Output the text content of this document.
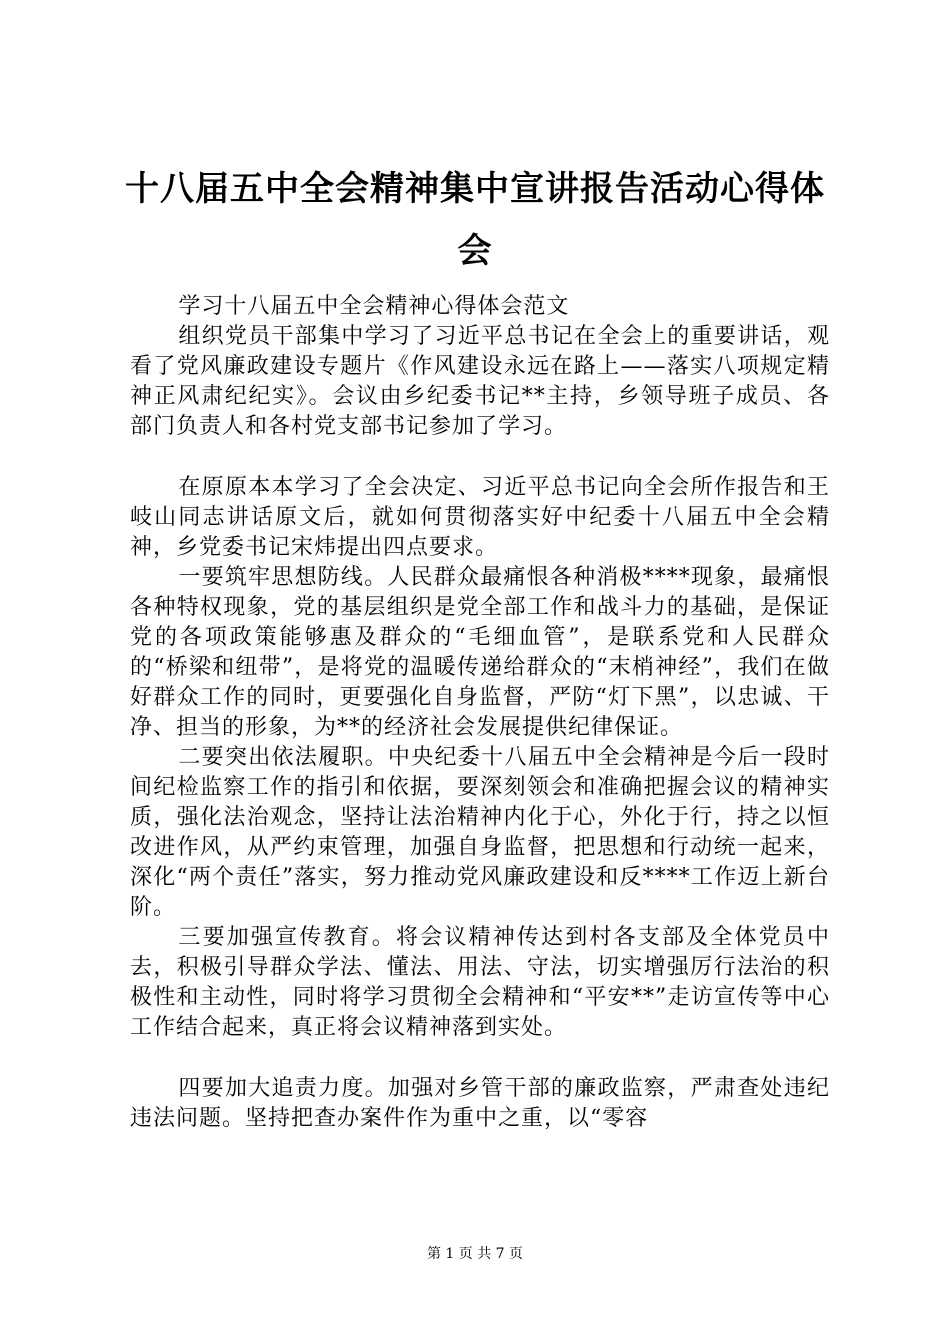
十八届五中全会精神集中宣讲报告活动心得体会

学习十八届五中全会精神心得体会范文

组织党员干部集中学习了习近平总书记在全会上的重要讲话，观看了党风廉政建设专题片《作风建设永远在路上——落实八项规定精神正风肃纪纪实》。会议由乡纪委书记**主持，乡领导班子成员、各部门负责人和各村党支部书记参加了学习。

在原原本本学习了全会决定、习近平总书记向全会所作报告和王岐山同志讲话原文后，就如何贯彻落实好中纪委十八届五中全会精神，乡党委书记宋炜提出四点要求。

一要筑牢思想防线。人民群众最痛恨各种消极****现象，最痛恨各种特权现象，党的基层组织是党全部工作和战斗力的基础，是保证党的各项政策能够惠及群众的“毛细血管”，是联系党和人民群众的“桥梁和纽带”，是将党的温暖传递给群众的“末梢神经”，我们在做好群众工作的同时，更要强化自身监督，严防“灯下黑”，以忠诚、干净、担当的形象，为**的经济社会发展提供纪律保证。

二要突出依法履职。中央纪委十八届五中全会精神是今后一段时间纪检监察工作的指引和依据，要深刻领会和准确把握会议的精神实质，强化法治观念，坚持让法治精神内化于心，外化于行，持之以恒改进作风，从严约束管理，加强自身监督，把思想和行动统一起来，深化“两个责任”落实，努力推动党风廉政建设和反****工作迈上新台阶。

三要加强宣传教育。将会议精神传达到村各支部及全体党员中去，积极引导群众学法、懂法、用法、守法，切实增强厉行法治的积极性和主动性，同时将学习贯彻全会精神和“平安**”走访宣传等中心工作结合起来，真正将会议精神落到实处。

四要加大追责力度。加强对乡管干部的廉政监察，严肃查处违纪违法问题。坚持把查办案件作为重中之重，以“零容

第 1 页 共 7 页
